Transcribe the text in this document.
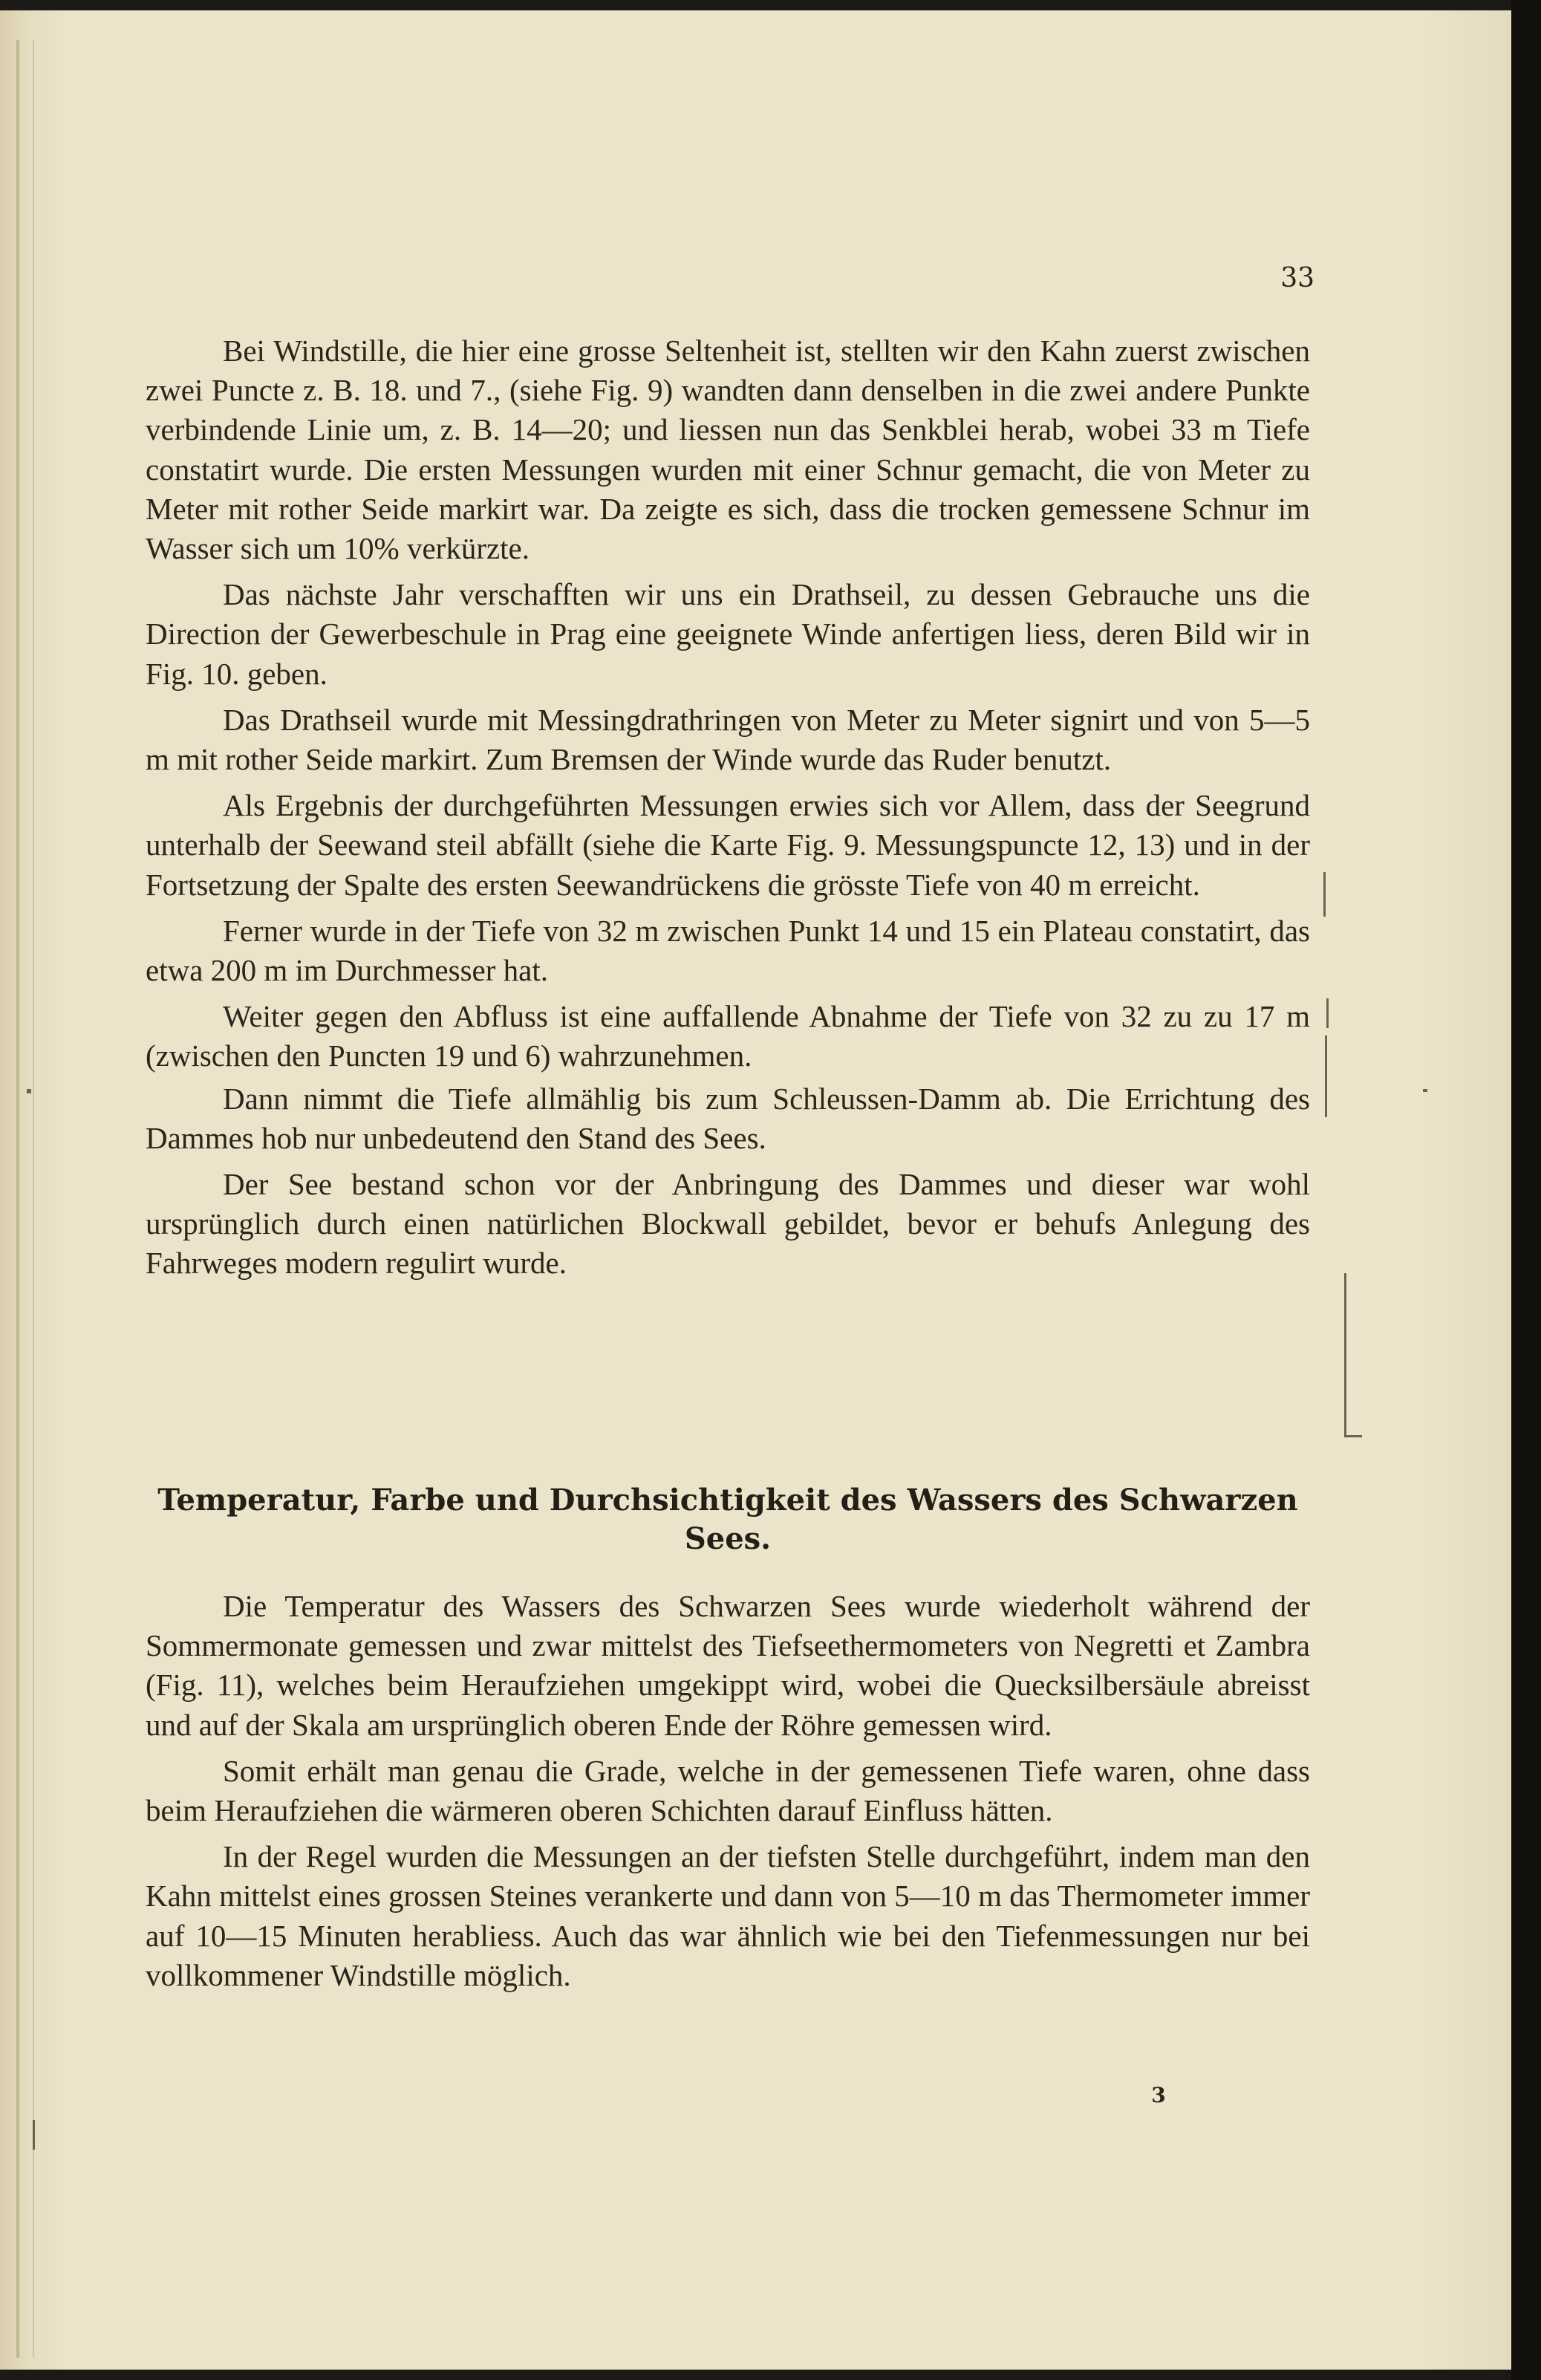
33

Bei Windstille, die hier eine grosse Seltenheit ist, stellten wir den Kahn zuerst zwischen zwei Puncte z. B. 18. und 7., (siehe Fig. 9) wandten dann denselben in die zwei andere Punkte verbindende Linie um, z. B. 14—20; und liessen nun das Senkblei herab, wobei 33 m Tiefe constatirt wurde. Die ersten Messungen wurden mit einer Schnur gemacht, die von Meter zu Meter mit rother Seide markirt war. Da zeigte es sich, dass die trocken gemessene Schnur im Wasser sich um 10% verkürzte.

Das nächste Jahr verschafften wir uns ein Drathseil, zu dessen Gebrauche uns die Direction der Gewerbeschule in Prag eine geeignete Winde anfertigen liess, deren Bild wir in Fig. 10. geben.

Das Drathseil wurde mit Messingdrathringen von Meter zu Meter signirt und von 5—5 m mit rother Seide markirt. Zum Bremsen der Winde wurde das Ruder benutzt.

Als Ergebnis der durchgeführten Messungen erwies sich vor Allem, dass der Seegrund unterhalb der Seewand steil abfällt (siehe die Karte Fig. 9. Messungspuncte 12, 13) und in der Fortsetzung der Spalte des ersten Seewandrückens die grösste Tiefe von 40 m erreicht.

Ferner wurde in der Tiefe von 32 m zwischen Punkt 14 und 15 ein Plateau constatirt, das etwa 200 m im Durchmesser hat.

Weiter gegen den Abfluss ist eine auffallende Abnahme der Tiefe von 32 zu zu 17 m (zwischen den Puncten 19 und 6) wahrzunehmen.

Dann nimmt die Tiefe allmählig bis zum Schleussen-Damm ab. Die Errichtung des Dammes hob nur unbedeutend den Stand des Sees.

Der See bestand schon vor der Anbringung des Dammes und dieser war wohl ursprünglich durch einen natürlichen Blockwall gebildet, bevor er behufs Anlegung des Fahrweges modern regulirt wurde.

Temperatur, Farbe und Durchsichtigkeit des Wassers des Schwarzen Sees.

Die Temperatur des Wassers des Schwarzen Sees wurde wiederholt während der Sommermonate gemessen und zwar mittelst des Tiefseethermometers von Negretti et Zambra (Fig. 11), welches beim Heraufziehen umgekippt wird, wobei die Quecksilbersäule abreisst und auf der Skala am ursprünglich oberen Ende der Röhre gemessen wird.

Somit erhält man genau die Grade, welche in der gemessenen Tiefe waren, ohne dass beim Heraufziehen die wärmeren oberen Schichten darauf Einfluss hätten.

In der Regel wurden die Messungen an der tiefsten Stelle durchgeführt, indem man den Kahn mittelst eines grossen Steines verankerte und dann von 5—10 m das Thermometer immer auf 10—15 Minuten herabliess. Auch das war ähnlich wie bei den Tiefenmessungen nur bei vollkommener Windstille möglich.

3
